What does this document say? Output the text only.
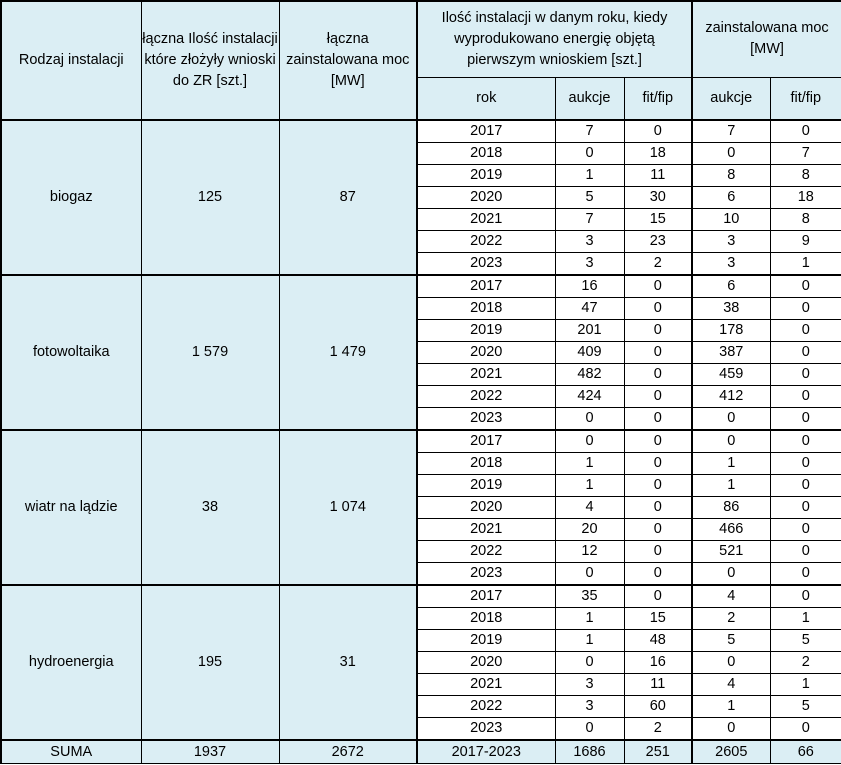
Rodzaj instalacji	łączna Ilość instalacji które złożyły wnioski do ZR [szt.]	łączna zainstalowana moc [MW]	Ilość instalacji w danym roku, kiedy wyprodukowano energię objętą pierwszym wnioskiem [szt.]			zainstalowana moc [MW]	
			rok	aukcje	fit/fip	aukcje	fit/fip
biogaz	125	87	2017	7	0	7	0
			2018	0	18	0	7
			2019	1	11	8	8
			2020	5	30	6	18
			2021	7	15	10	8
			2022	3	23	3	9
			2023	3	2	3	1
fotowoltaika	1 579	1 479	2017	16	0	6	0
			2018	47	0	38	0
			2019	201	0	178	0
			2020	409	0	387	0
			2021	482	0	459	0
			2022	424	0	412	0
			2023	0	0	0	0
wiatr na lądzie	38	1 074	2017	0	0	0	0
			2018	1	0	1	0
			2019	1	0	1	0
			2020	4	0	86	0
			2021	20	0	466	0
			2022	12	0	521	0
			2023	0	0	0	0
hydroenergia	195	31	2017	35	0	4	0
			2018	1	15	2	1
			2019	1	48	5	5
			2020	0	16	0	2
			2021	3	11	4	1
			2022	3	60	1	5
			2023	0	2	0	0
SUMA	1937	2672	2017-2023	1686	251	2605	66
